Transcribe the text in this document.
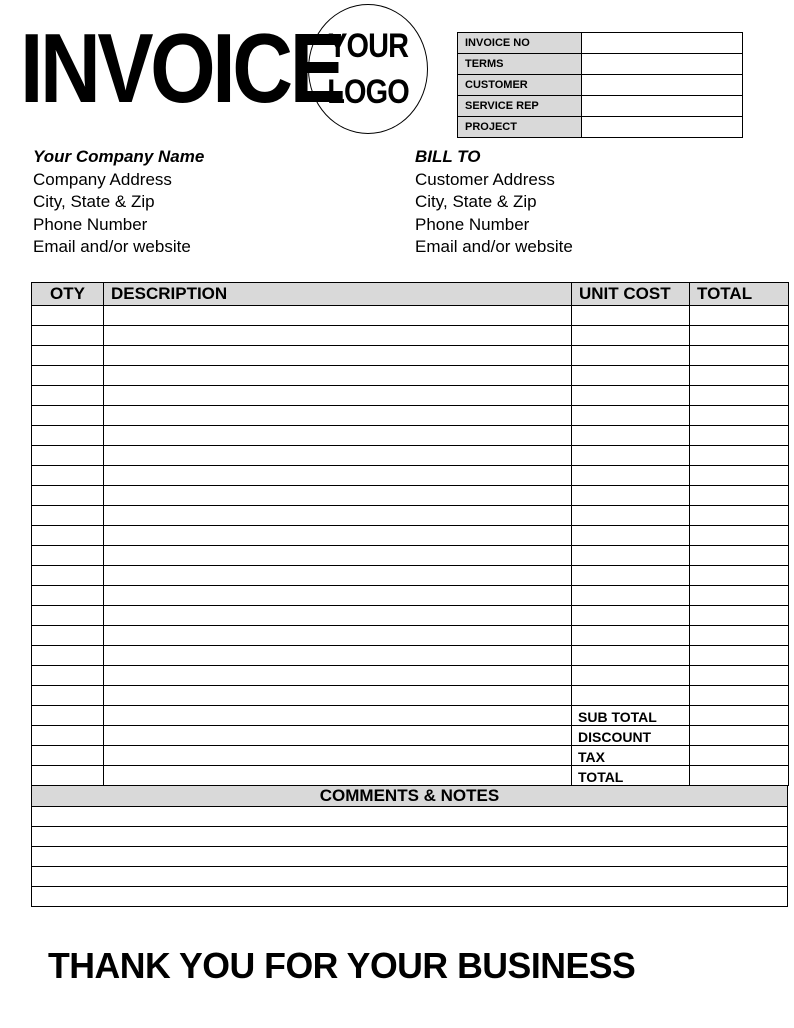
INVOICE
YOUR
LOGO
INVOICE NO	
TERMS	
CUSTOMER	
SERVICE REP	
PROJECT	
Your Company Name
Company Address
City, State & Zip
Phone Number
Email and/or website
BILL TO
Customer Address
City, State & Zip
Phone Number
Email and/or website
OTY	DESCRIPTION	UNIT COST	TOTAL

		SUB TOTAL	
		DISCOUNT	
		TAX	
		TOTAL	
COMMENTS & NOTES

THANK YOU FOR YOUR BUSINESS
